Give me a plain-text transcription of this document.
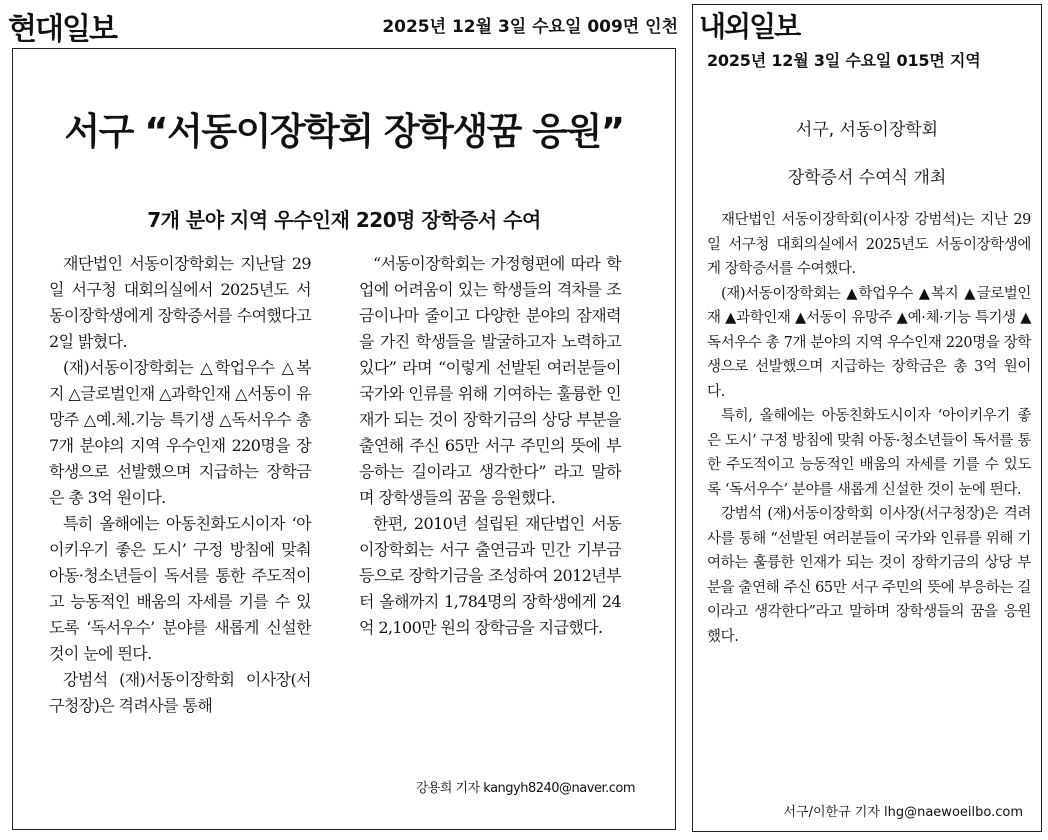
현대일보	2025년 12월 3일 수요일 009면 인천
서구 “서동이장학회 장학생꿈 응원”
7개 분야 지역 우수인재 220명 장학증서 수여

재단법인 서동이장학회는 지난달 29일 서구청 대회의실에서 2025년도 서동이장학생에게 장학증서를 수여했다고 2일 밝혔다.

(재)서동이장학회는 △학업우수 △복지 △글로벌인재 △과학인재 △서동이 유망주 △예.체.기능 특기생 △독서우수 총 7개 분야의 지역 우수인재 220명을 장학생으로 선발했으며 지급하는 장학금은 총 3억 원이다.

특히 올해에는 아동친화도시이자 ‘아이키우기 좋은 도시’ 구정 방침에 맞춰 아동·청소년들이 독서를 통한 주도적이고 능동적인 배움의 자세를 기를 수 있도록 ‘독서우수’ 분야를 새롭게 신설한 것이 눈에 띈다.

강범석 (재)서동이장학회 이사장(서구청장)은 격려사를 통해

“서동이장학회는 가정형편에 따라 학업에 어려움이 있는 학생들의 격차를 조금이나마 줄이고 다양한 분야의 잠재력을 가진 학생들을 발굴하고자 노력하고 있다” 라며 “이렇게 선발된 여러분들이 국가와 인류를 위해 기여하는 훌륭한 인재가 되는 것이 장학기금의 상당 부분을 출연해 주신 65만 서구 주민의 뜻에 부응하는 길이라고 생각한다” 라고 말하며 장학생들의 꿈을 응원했다.

한편, 2010년 설립된 재단법인 서동이장학회는 서구 출연금과 민간 기부금 등으로 장학기금을 조성하여 2012년부터 올해까지 1,784명의 장학생에게 24억 2,100만 원의 장학금을 지급했다.

강용희 기자 kangyh8240@naver.com
내외일보
2025년 12월 3일 수요일 015면 지역
서구, 서동이장학회
장학증서 수여식 개최

재단법인 서동이장학회(이사장 강범석)는 지난 29일 서구청 대회의실에서 2025년도 서동이장학생에게 장학증서를 수여했다.

(재)서동이장학회는 ▲학업우수 ▲복지 ▲글로벌인재 ▲과학인재 ▲서동이 유망주 ▲예·체·기능 특기생 ▲독서우수 총 7개 분야의 지역 우수인재 220명을 장학생으로 선발했으며 지급하는 장학금은 총 3억 원이다.

특히, 올해에는 아동친화도시이자 ‘아이키우기 좋은 도시’ 구정 방침에 맞춰 아동·청소년들이 독서를 통한 주도적이고 능동적인 배움의 자세를 기를 수 있도록 ‘독서우수’ 분야를 새롭게 신설한 것이 눈에 띈다.

강범석 (재)서동이장학회 이사장(서구청장)은 격려사를 통해 “선발된 여러분들이 국가와 인류를 위해 기여하는 훌륭한 인재가 되는 것이 장학기금의 상당 부분을 출연해 주신 65만 서구 주민의 뜻에 부응하는 길이라고 생각한다”라고 말하며 장학생들의 꿈을 응원했다.

서구/이한규 기자 lhg@naewoeilbo.com
